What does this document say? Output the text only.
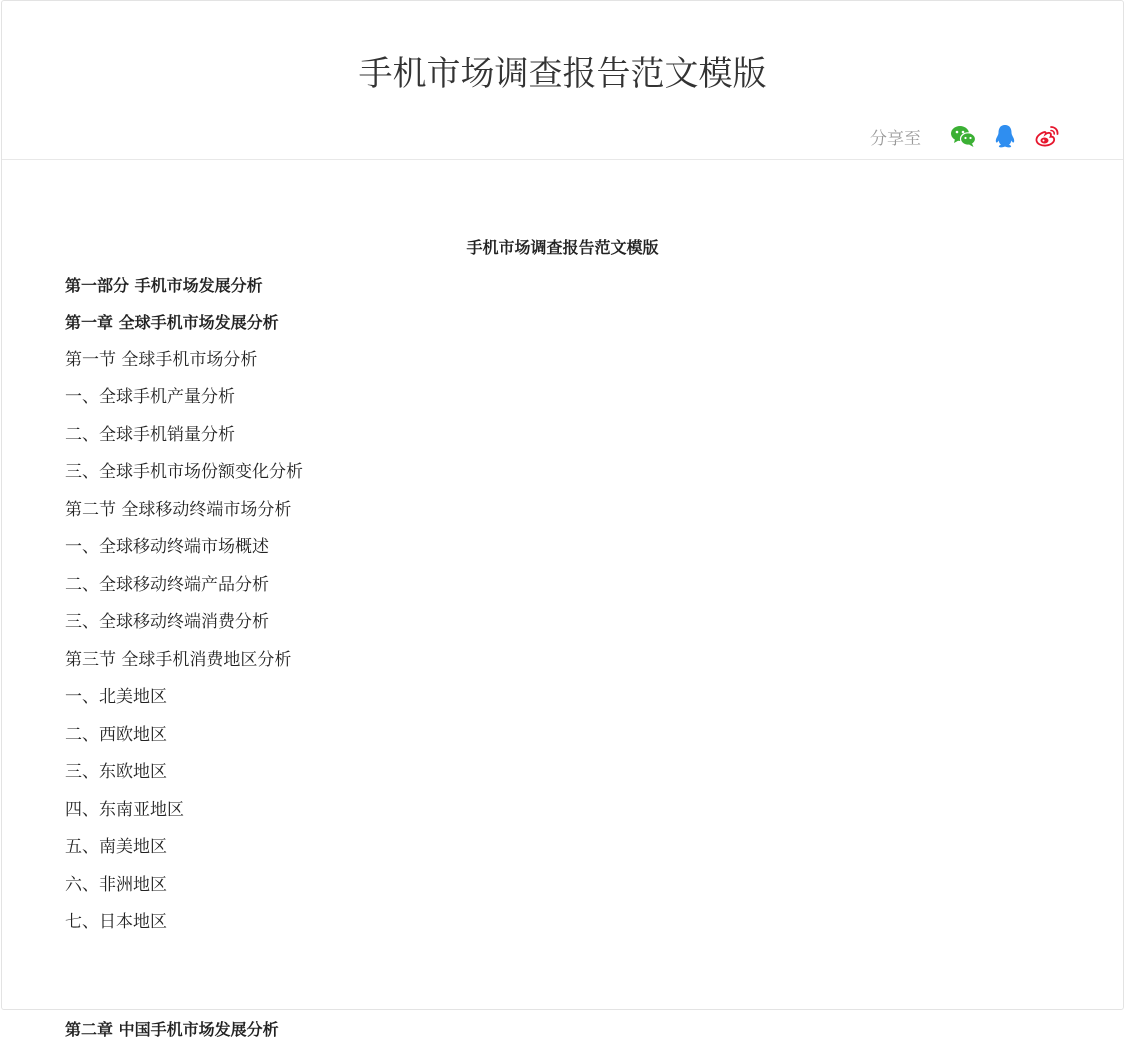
手机市场调查报告范文模版
分享至

手机市场调查报告范文模版

第一部分 手机市场发展分析

第一章 全球手机市场发展分析

第一节 全球手机市场分析

一、全球手机产量分析

二、全球手机销量分析

三、全球手机市场份额变化分析

第二节 全球移动终端市场分析

一、全球移动终端市场概述

二、全球移动终端产品分析

三、全球移动终端消费分析

第三节 全球手机消费地区分析

一、北美地区

二、西欧地区

三、东欧地区

四、东南亚地区

五、南美地区

六、非洲地区

七、日本地区

第二章 中国手机市场发展分析
